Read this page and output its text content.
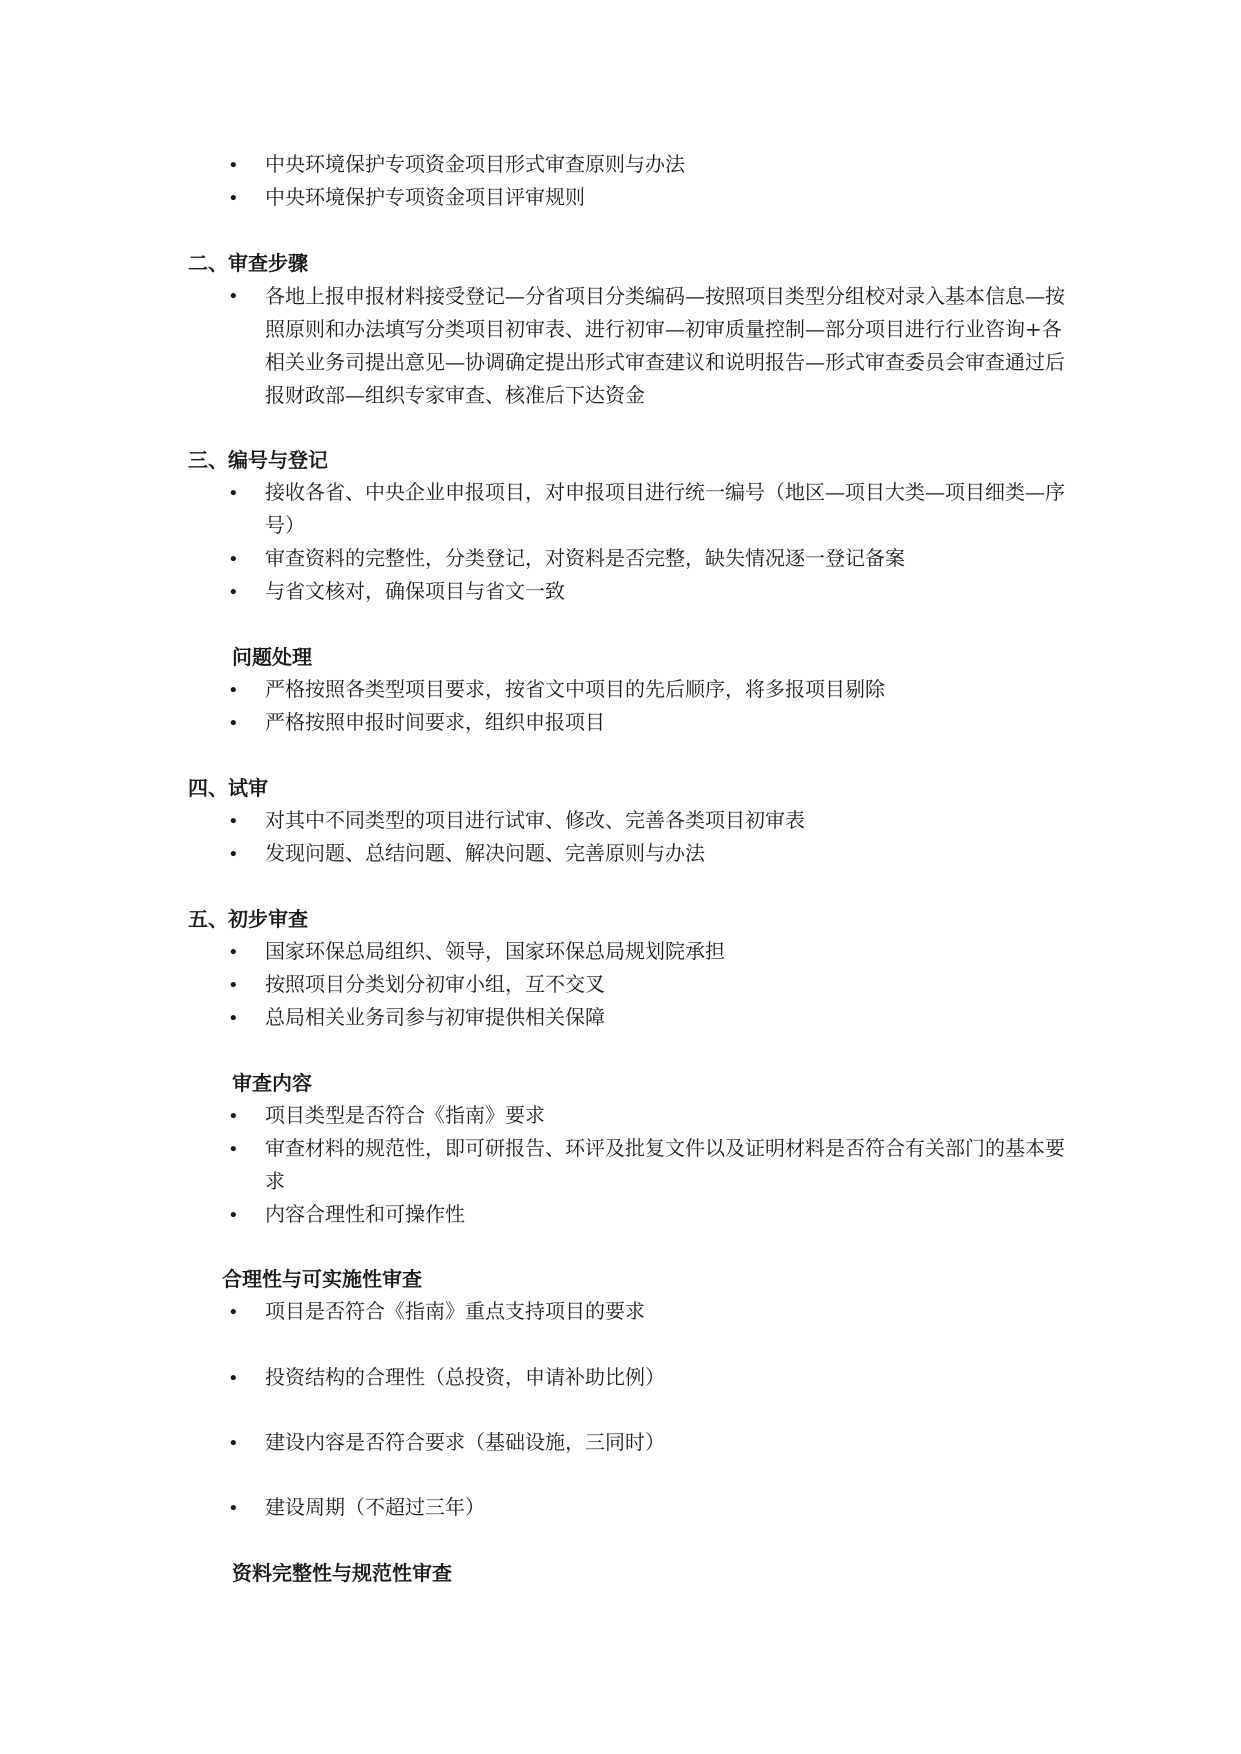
• 中央环境保护专项资金项目形式审查原则与办法
• 中央环境保护专项资金项目评审规则
二、审查步骤
• 各地上报申报材料接受登记—分省项目分类编码—按照项目类型分组校对录入基本信息—按照原则和办法填写分类项目初审表、进行初审—初审质量控制—部分项目进行行业咨询+各相关业务司提出意见—协调确定提出形式审查建议和说明报告—形式审查委员会审查通过后报财政部—组织专家审查、核准后下达资金
三、编号与登记
• 接收各省、中央企业申报项目，对申报项目进行统一编号（地区—项目大类—项目细类—序号）
• 审查资料的完整性，分类登记，对资料是否完整，缺失情况逐一登记备案
• 与省文核对，确保项目与省文一致
问题处理
• 严格按照各类型项目要求，按省文中项目的先后顺序，将多报项目剔除
• 严格按照申报时间要求，组织申报项目
四、试审
• 对其中不同类型的项目进行试审、修改、完善各类项目初审表
• 发现问题、总结问题、解决问题、完善原则与办法
五、初步审查
• 国家环保总局组织、领导，国家环保总局规划院承担
• 按照项目分类划分初审小组，互不交叉
• 总局相关业务司参与初审提供相关保障
审查内容
• 项目类型是否符合《指南》要求
• 审查材料的规范性，即可研报告、环评及批复文件以及证明材料是否符合有关部门的基本要求
• 内容合理性和可操作性
合理性与可实施性审查
• 项目是否符合《指南》重点支持项目的要求
• 投资结构的合理性（总投资，申请补助比例）
• 建设内容是否符合要求（基础设施，三同时）
• 建设周期（不超过三年）
资料完整性与规范性审查
